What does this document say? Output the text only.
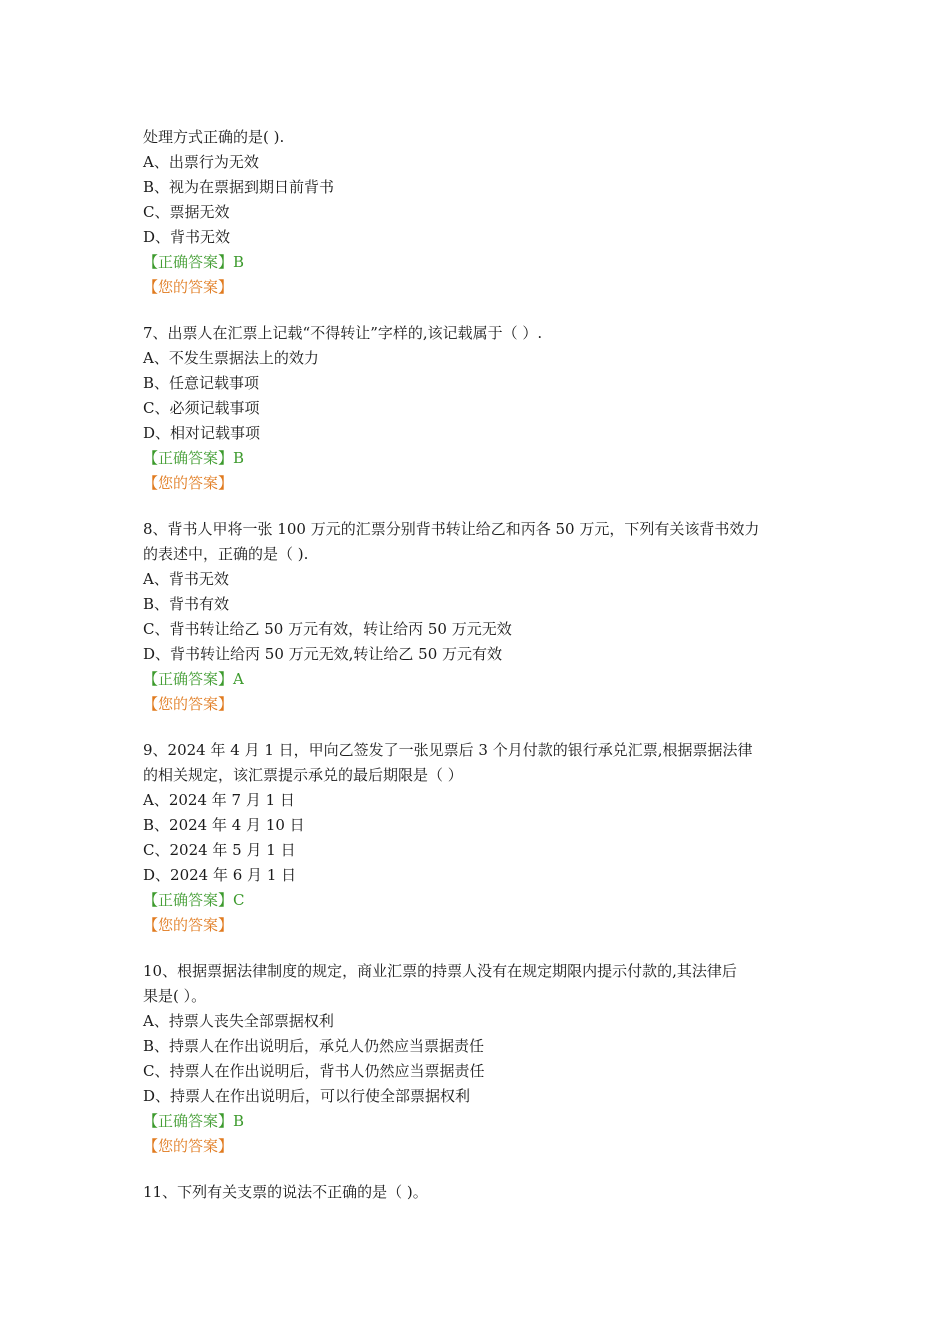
处理方式正确的是( ).
A、出票行为无效
B、视为在票据到期日前背书
C、票据无效
D、背书无效
【正确答案】B
【您的答案】
7、出票人在汇票上记载“不得转让”字样的,该记载属于（ ）.
A、不发生票据法上的效力
B、任意记载事项
C、必须记载事项
D、相对记载事项
【正确答案】B
【您的答案】
8、背书人甲将一张 100 万元的汇票分别背书转让给乙和丙各 50 万元，下列有关该背书效力
的表述中，正确的是（ ).
A、背书无效
B、背书有效
C、背书转让给乙 50 万元有效，转让给丙 50 万元无效
D、背书转让给丙 50 万元无效,转让给乙 50 万元有效
【正确答案】A
【您的答案】
9、2024 年 4 月 1 日，甲向乙签发了一张见票后 3 个月付款的银行承兑汇票,根据票据法律
的相关规定，该汇票提示承兑的最后期限是（ ）
A、2024 年 7 月 1 日
B、2024 年 4 月 10 日
C、2024 年 5 月 1 日
D、2024 年 6 月 1 日
【正确答案】C
【您的答案】
10、根据票据法律制度的规定，商业汇票的持票人没有在规定期限内提示付款的,其法律后
果是( ）。
A、持票人丧失全部票据权利
B、持票人在作出说明后，承兑人仍然应当票据责任
C、持票人在作出说明后，背书人仍然应当票据责任
D、持票人在作出说明后，可以行使全部票据权利
【正确答案】B
【您的答案】
11、下列有关支票的说法不正确的是（ )。
